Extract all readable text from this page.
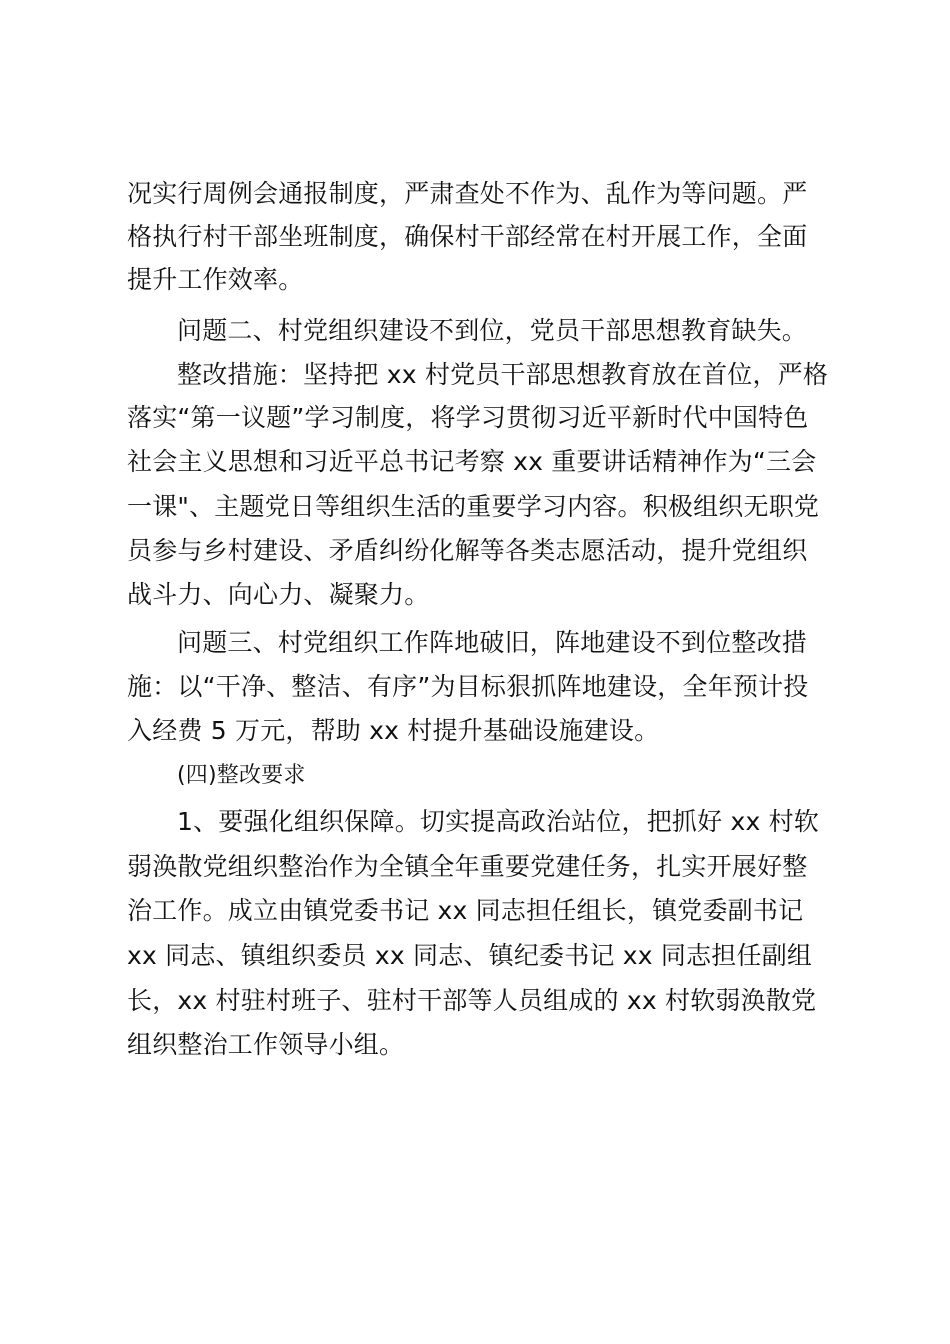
况实行周例会通报制度，严肃查处不作为、乱作为等问题。严
格执行村干部坐班制度，确保村干部经常在村开展工作，全面
提升工作效率。
问题二、村党组织建设不到位，党员干部思想教育缺失。
整改措施：坚持把 xx 村党员干部思想教育放在首位，严格
落实“第一议题”学习制度，将学习贯彻习近平新时代中国特色
社会主义思想和习近平总书记考察 xx 重要讲话精神作为“三会
一课"、主题党日等组织生活的重要学习内容。积极组织无职党
员参与乡村建设、矛盾纠纷化解等各类志愿活动，提升党组织
战斗力、向心力、凝聚力。
问题三、村党组织工作阵地破旧，阵地建设不到位整改措
施：以“干净、整洁、有序”为目标狠抓阵地建设，全年预计投
入经费 5 万元，帮助 xx 村提升基础设施建设。
(四)整改要求
1、要强化组织保障。切实提高政治站位，把抓好 xx 村软
弱涣散党组织整治作为全镇全年重要党建任务，扎实开展好整
治工作。成立由镇党委书记 xx 同志担任组长，镇党委副书记
xx 同志、镇组织委员 xx 同志、镇纪委书记 xx 同志担任副组
长，xx 村驻村班子、驻村干部等人员组成的 xx 村软弱涣散党
组织整治工作领导小组。
